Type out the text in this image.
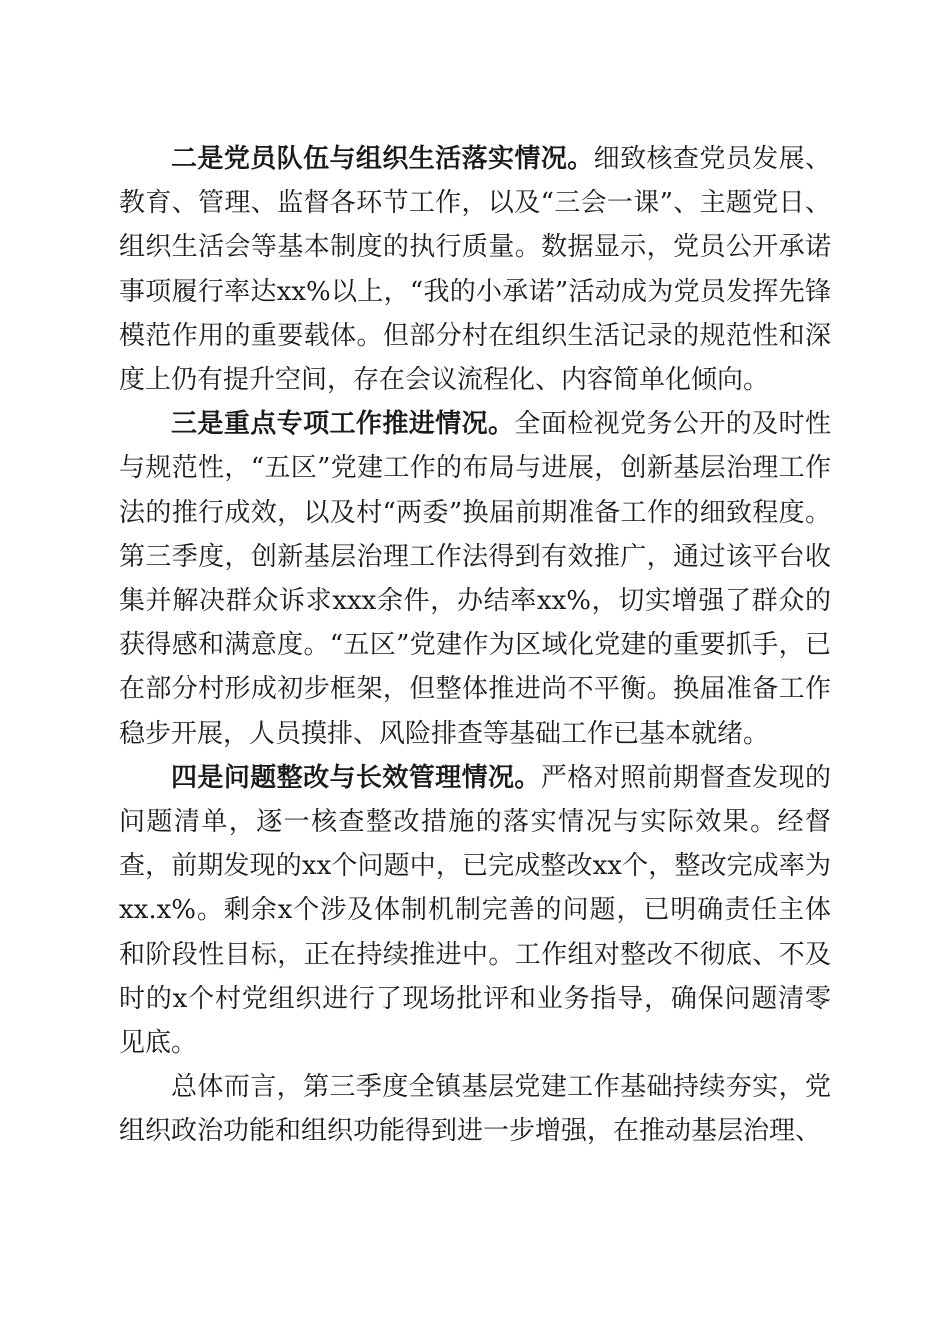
二是党员队伍与组织生活落实情况。细致核查党员发展、教育、管理、监督各环节工作，以及“三会一课”、主题党日、组织生活会等基本制度的执行质量。数据显示，党员公开承诺事项履行率达xx%以上，“我的小承诺”活动成为党员发挥先锋模范作用的重要载体。但部分村在组织生活记录的规范性和深度上仍有提升空间，存在会议流程化、内容简单化倾向。

三是重点专项工作推进情况。全面检视党务公开的及时性与规范性，“五区”党建工作的布局与进展，创新基层治理工作法的推行成效，以及村“两委”换届前期准备工作的细致程度。第三季度，创新基层治理工作法得到有效推广，通过该平台收集并解决群众诉求xxx余件，办结率xx%，切实增强了群众的获得感和满意度。“五区”党建作为区域化党建的重要抓手，已在部分村形成初步框架，但整体推进尚不平衡。换届准备工作稳步开展，人员摸排、风险排查等基础工作已基本就绪。

四是问题整改与长效管理情况。严格对照前期督查发现的问题清单，逐一核查整改措施的落实情况与实际效果。经督查，前期发现的xx个问题中，已完成整改xx个，整改完成率为xx.x%。剩余x个涉及体制机制完善的问题，已明确责任主体和阶段性目标，正在持续推进中。工作组对整改不彻底、不及时的x个村党组织进行了现场批评和业务指导，确保问题清零见底。

总体而言，第三季度全镇基层党建工作基础持续夯实，党组织政治功能和组织功能得到进一步增强，在推动基层治理、
